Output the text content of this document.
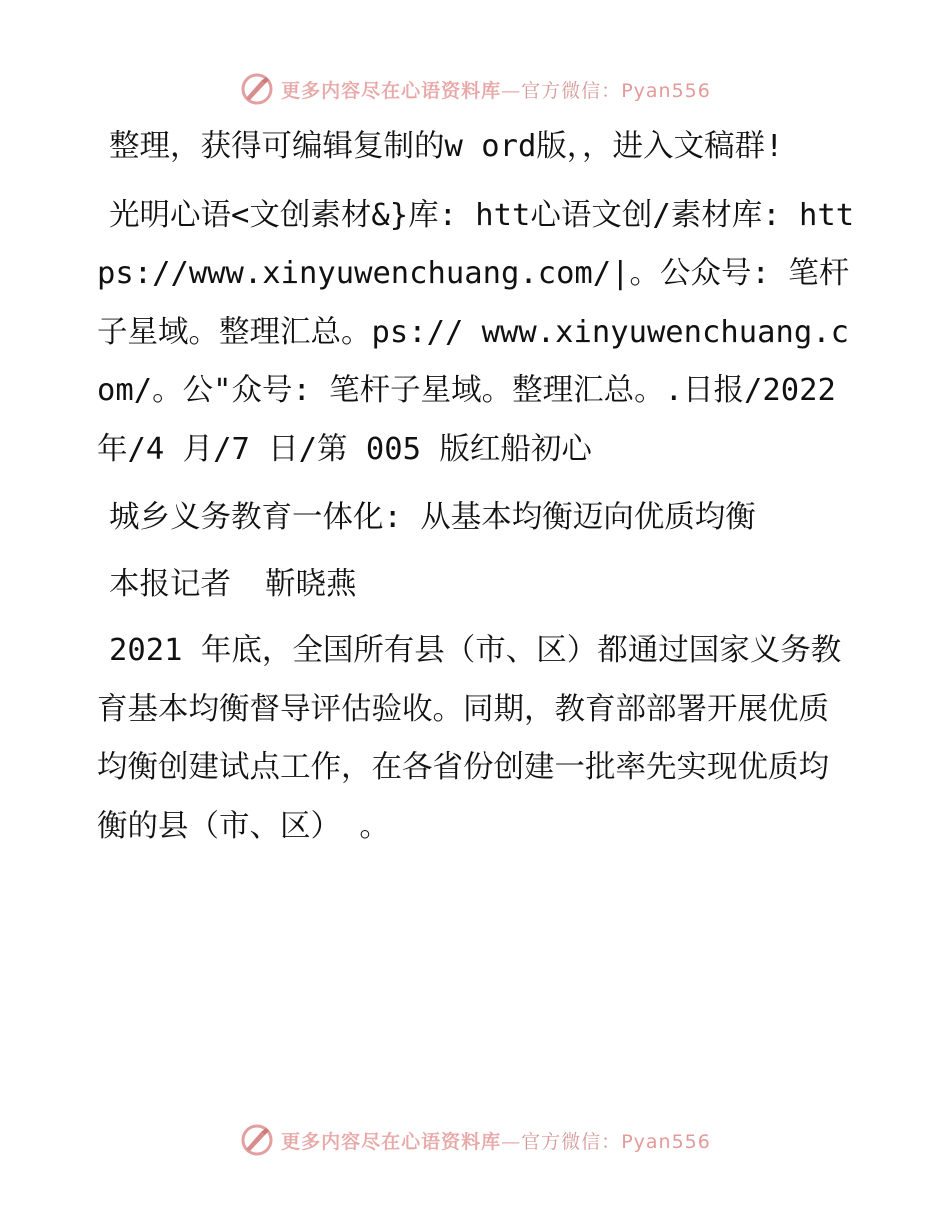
更多内容尽在心语资料库—官方微信：Pyan556

整理，获得可编辑复制的w ord版，，进入文稿群!

光明心语<文创素材&}库: htt心语文创/素材库: https://www.xinyuwenchuang.com/|。公众号: 笔杆子星域。整理汇总。ps:// www.xinyuwenchuang.com/。公"众号: 笔杆子星域。整理汇总。.日报/2022 年/4 月/7 日/第 005 版红船初心

城乡义务教育一体化: 从基本均衡迈向优质均衡

本报记者 靳晓燕

2021 年底，全国所有县（市、区）都通过国家义务教育基本均衡督导评估验收。同期，教育部部署开展优质均衡创建试点工作，在各省份创建一批率先实现优质均衡的县（市、区） 。

更多内容尽在心语资料库—官方微信：Pyan556
